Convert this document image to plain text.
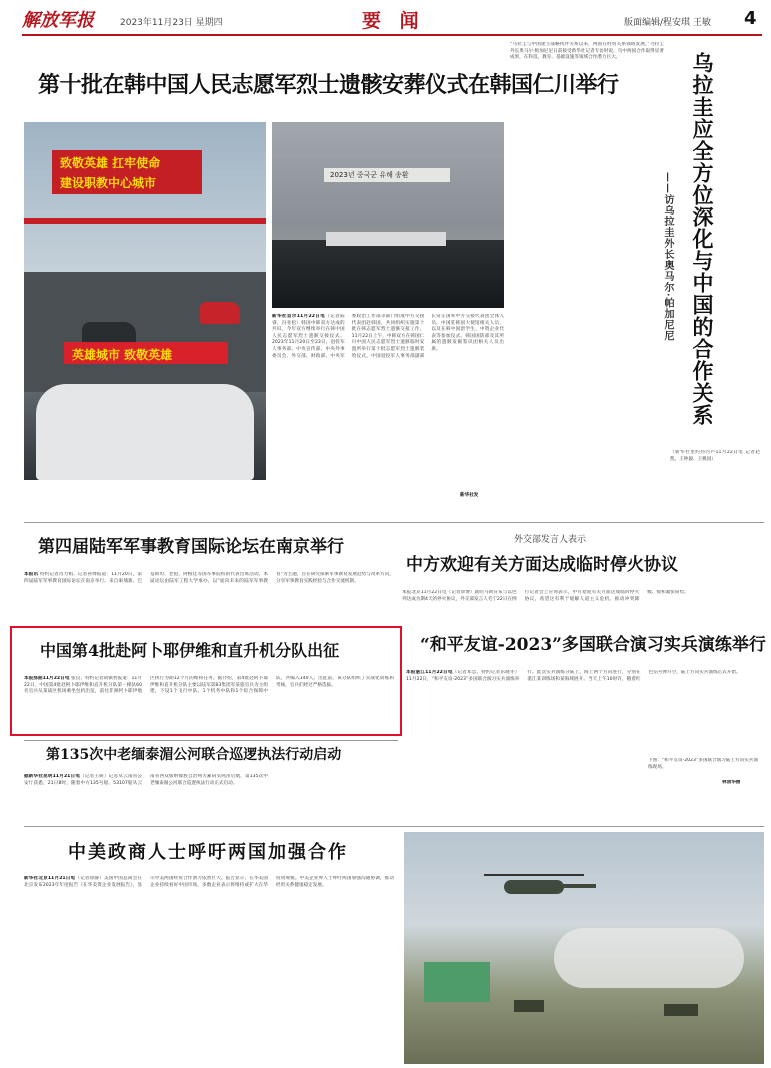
解放军报	2023年11月23日 星期四	要 闻	版面编辑/程安琪 王敏 4
第十批在韩中国人民志愿军烈士遗骸安葬仪式在韩国仁川举行
致敬英雄 扛牢使命
建设职教中心城市
英雄城市 致敬英雄
2023년 중국군 유해 송환
新华社首尔11月22日电（记者陆睿、冯亚松）韩国中韩双方达成的共识，今年双方继续举行在韩中国人民志愿军烈士遗骸交接仪式。2023年11月20日至23日，退役军人事务部、中央宣传部、中央外事委员会、外交部、财政部、中央军委政治工作部等部门组成中方交接代表团赴韩国，共同组织实施第十批在韩志愿军烈士遗骸交接工作。11月22日上午，中韩双方在韩国仁川中国人民志愿军烈士遗骸临时安置所举行第十批志愿军烈士遗骸装殓仪式。中国退役军人事务部副部长常正国率中方交接代表团全体人员、中国驻韩国大使馆相关人员、以及在韩中国留学生、中资企业代表等参加仪式。韩国国防部及其所属的遗骸发掘鉴识团相关人员出席。
新华社发
“乌拉圭与中国建立战略伙伴关系以来，两国在经贸关系领域发展。”乌拉圭外长奥马尔·帕加尼尼日前接受新华社记者专访时说，乌中两国合作取得显著成果，在科技、教育、基础设施等领域合作潜力巨大。
（新华社里约热内卢11月22日电 记者赵凯、王钟毅、王桃园）
乌拉圭应全方位深化与中国的合作关系
——访乌拉圭外长奥马尔·帕加尼尼
第四届陆军军事教育国际论坛在南京举行
本报讯 特约记者肖力娟、记者孙博报道：11月20日，第四届陆军军事教育国际论坛在南京举行。来自柬埔寨、巴基斯坦、老挝、阿根廷等国军事院校的代表出席活动。本届论坛由陆军工程大学承办，以“面向未来的陆军军事教育”为主题，旨在研究探索军事教育发展趋势与改革方向，分享军事教育实践经验与合作交流机制。
外交部发言人表示
中方欢迎有关方面达成临时停火协议
本报北京11月22日电（记者覃博）就哈马斯宣布与以色列达成为期4天的停火协议，外交部发言人毛宁22日在例行记者会上应询表示，中方欢迎有关方面达成临时停火协议，希望这有利于缓解人道主义危机、推动冲突降级、缓和紧张局势。
中国第4批赴阿卜耶伊维和直升机分队出征
本报那曲11月22日电 张良、特约记者胡镇智报道：11月22日，中国第4批赴阿卜耶伊维和直升机分队第一梯队60名官兵从某战区机场乘坐包机出征，前往非洲阿卜耶伊地区执行为期12个月的维和任务。据介绍，第4批赴阿卜耶伊维和直升机分队主要以陆军第83集团军某旅官兵为主组建，下设1个飞行中队、1个机务中队和1个综合保障中队，共编入140人。出征前，该分队组织了实战化训练和考核，官兵们经过严格选拔。
“和平友谊-2023”多国联合演习实兵演练举行
本报湛江11月22日电（记者邓忠、特约记者乐晓冬）11月22日，“和平友谊-2023”多国联合演习实兵演练举行。此次实兵演练分陆上、海上两个方向进行，分别在湛江某训练场和某海域展开。当天上午10时许，随着红色信号弹升空，陆上方向实兵演练正式开始。
下图：“和平友谊-2023”多国联合演习陆上方向实兵演练现场。
林清华摄
第135次中老缅泰湄公河联合巡逻执法行动启动
据新华社昆明11月21日电（记者王研）记者从云南省公安厅获悉，21日8时，随着中方135号船、53107船从云南省西双版纳傣族自治州关累码头鸣笛启航，第135次中老缅泰湄公河联合巡逻执法行动正式启动。
中美政商人士呼吁两国加强合作
新华社北京11月21日电（记者徐静）美国中国总商会在北京发布2023年年度报告《在华美资企业发展报告》，显示中美两国经贸合作潜力依然巨大。报告显示，在华美国企业持续看好中国市场，多数企业表示将维持或扩大在华投资规模。中美企业界人士呼吁两国加强沟通协调，推动经贸关系健康稳定发展。
